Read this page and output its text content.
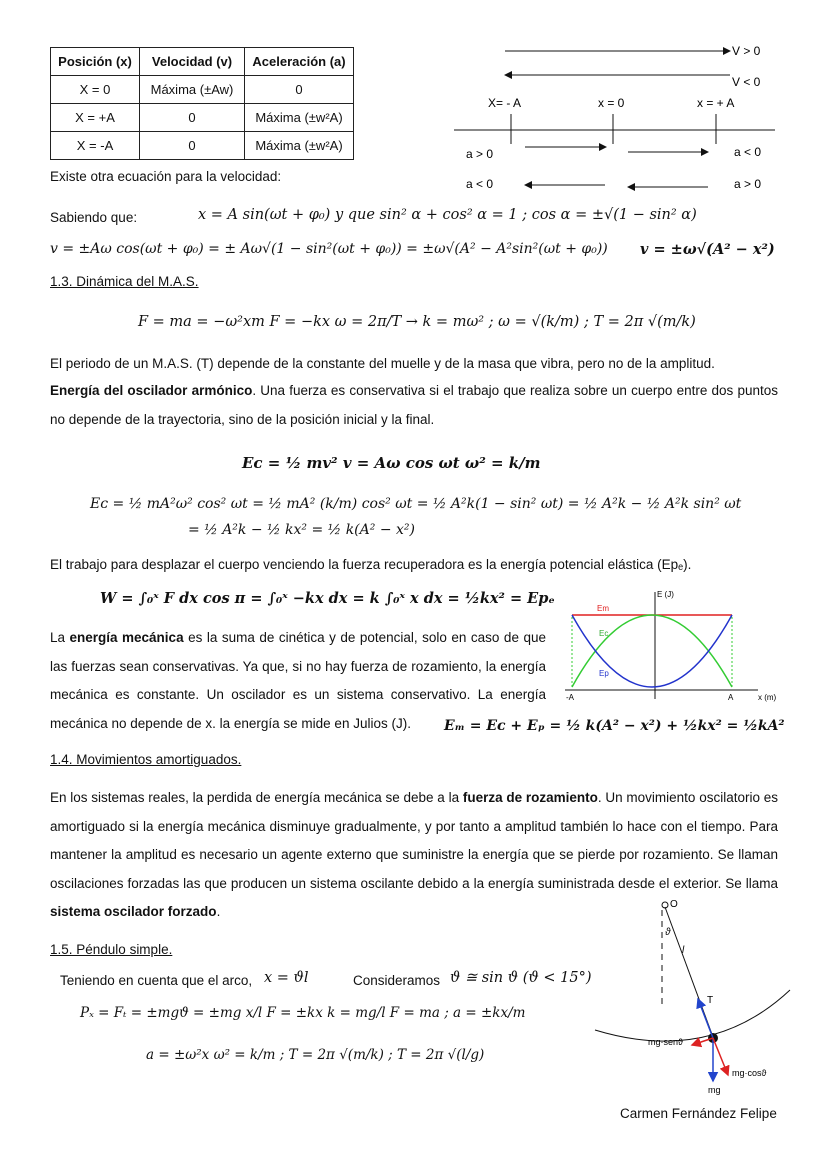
Posición (x)	Velocidad (v)	Aceleración (a)
X = 0	Máxima (±Aw)	0
X = +A	0	Máxima (±w²A)
X = -A	0	Máxima (±w²A)
V > 0
V < 0
X= - A	x = 0	x = + A
a > 0	a < 0
a < 0	a > 0
Existe otra ecuación para la velocidad:
Sabiendo que:	x = A sin(ωt + φ₀) y que sin² α + cos² α = 1 ; cos α = ±√(1 − sin² α)
v = ±Aω cos(ωt + φ₀) = ± Aω√(1 − sin²(ωt + φ₀)) = ±ω√(A² − A²sin²(ωt + φ₀)) v = ±ω√(A² − x²)
1.3. Dinámica del M.A.S.
F = ma = −ω²xm F = −kx ω = 2π/T → k = mω² ; ω = √(k/m) ; T = 2π √(m/k)
El periodo de un M.A.S. (T) depende de la constante del muelle y de la masa que vibra, pero no de la amplitud.
Energía del oscilador armónico. Una fuerza es conservativa si el trabajo que realiza sobre un cuerpo entre dos puntos no depende de la trayectoria, sino de la posición inicial y la final.
Eᴄ = ½ mv² v = Aω cos ωt ω² = k/m
Eᴄ = ½ mA²ω² cos² ωt = ½ mA² (k/m) cos² ωt = ½ A²k(1 − sin² ωt) = ½ A²k − ½ A²k sin² ωt
= ½ A²k − ½ kx² = ½ k(A² − x²)
El trabajo para desplazar el cuerpo venciendo la fuerza recuperadora es la energía potencial elástica (Epₑ).
W = ∫₀ˣ F dx cos π = ∫₀ˣ −kx dx = k ∫₀ˣ x dx = ½kx² = Epₑ	E (J)
x (m)
-A	A
Em
Ec
Ep
La energía mecánica es la suma de cinética y de potencial, solo en caso de que las fuerzas sean conservativas. Ya que, si no hay fuerza de rozamiento, la energía mecánica es constante. Un oscilador es un sistema conservativo. La energía mecánica no depende de x. la energía se mide en Julios (J).	Eₘ = Eᴄ + Eₚ = ½ k(A² − x²) + ½kx² = ½kA²
1.4. Movimientos amortiguados.
En los sistemas reales, la perdida de energía mecánica se debe a la fuerza de rozamiento. Un movimiento oscilatorio es amortiguado si la energía mecánica disminuye gradualmente, y por tanto a amplitud también lo hace con el tiempo. Para mantener la amplitud es necesario un agente externo que suministre la energía que se pierde por rozamiento. Se llaman oscilaciones forzadas las que producen un sistema oscilante debido a la energía suministrada desde el exterior. Se llama sistema oscilador forzado.
1.5. Péndulo simple.
Teniendo en cuenta que el arco, x = ϑl	Consideramos ϑ ≅ sin ϑ (ϑ < 15°)
Pₓ = Fₜ = ±mgϑ = ±mg x/l F = ±kx k = mg/l F = ma ; a = ±kx/m
a = ±ω²x ω² = k/m ; T = 2π √(m/k) ; T = 2π √(l/g)
O
ϑ
l
T
mg
mg·senϑ
mg·cosϑ
Carmen Fernández Felipe
